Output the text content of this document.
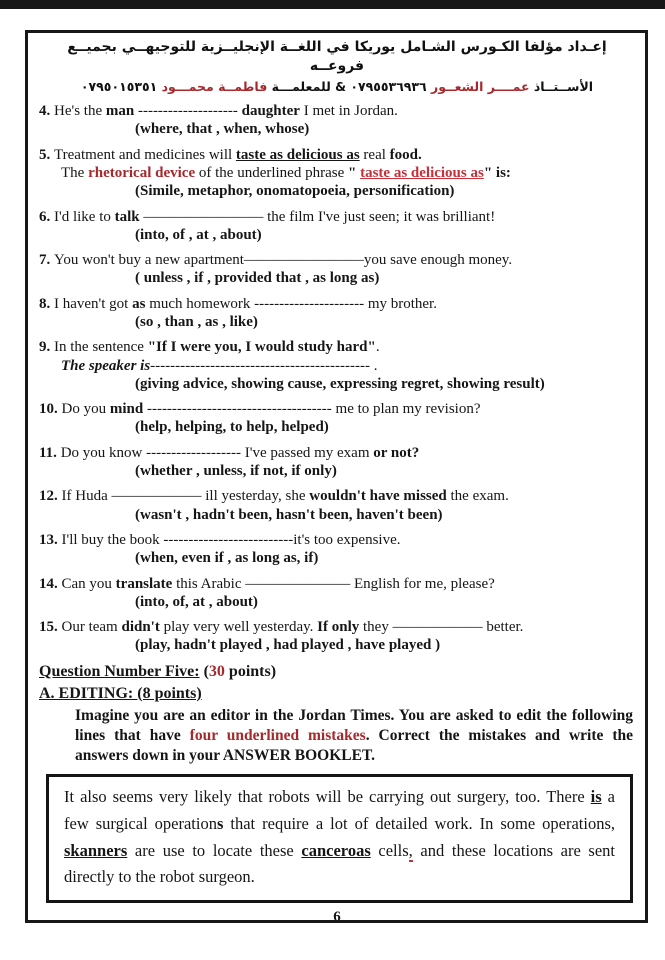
إعـداد مؤلفا الكـورس الشـامل يوريكا في اللغــة الإنجليــزية للتوجيهــي بجميــع فروعــه
الأســتــاذ عمــــر الشعــور ٠٧٩٥٥٣٦٩٣٦ & للمعلمـــة فاطمــة محمـــود ٠٧٩٥٠١٥٣٥١
4. He's the man -------------------- daughter I met in Jordan.
(where, that , when, whose)
5. Treatment and medicines will taste as delicious as real food.
The rhetorical device of the underlined phrase " taste as delicious as" is:
(Simile, metaphor, onomatopoeia, personification)
6. I'd like to talk ———————— the film I've just seen; it was brilliant!
(into, of , at , about)
7. You won't buy a new apartment————————you save enough money.
( unless , if , provided that , as long as)
8. I haven't got as much homework ---------------------- my brother.
(so , than , as , like)
9. In the sentence "If I were you, I would study hard".
The speaker is-------------------------------------------- .
(giving advice, showing cause, expressing regret, showing result)
10. Do you mind ------------------------------------- me to plan my revision?
(help, helping, to help, helped)
11. Do you know ------------------- I've passed my exam or not?
(whether , unless, if not, if only)
12. If Huda —————— ill yesterday, she wouldn't have missed the exam.
(wasn't , hadn't been, hasn't been, haven't been)
13. I'll buy the book --------------------------it's too expensive.
(when, even if , as long as, if)
14. Can you translate this Arabic ——————— English for me, please?
(into, of, at , about)
15. Our team didn't play very well yesterday. If only they —————— better.
(play, hadn't played , had played , have played )
Question Number Five: (30 points)
A. EDITING: (8 points)
Imagine you are an editor in the Jordan Times. You are asked to edit the following lines that have four underlined mistakes. Correct the mistakes and write the answers down in your ANSWER BOOKLET.
It also seems very likely that robots will be carrying out surgery, too. There is a few surgical operations that require a lot of detailed work. In some operations, skanners are use to locate these canceroas cells, and these locations are sent directly to the robot surgeon.
6
